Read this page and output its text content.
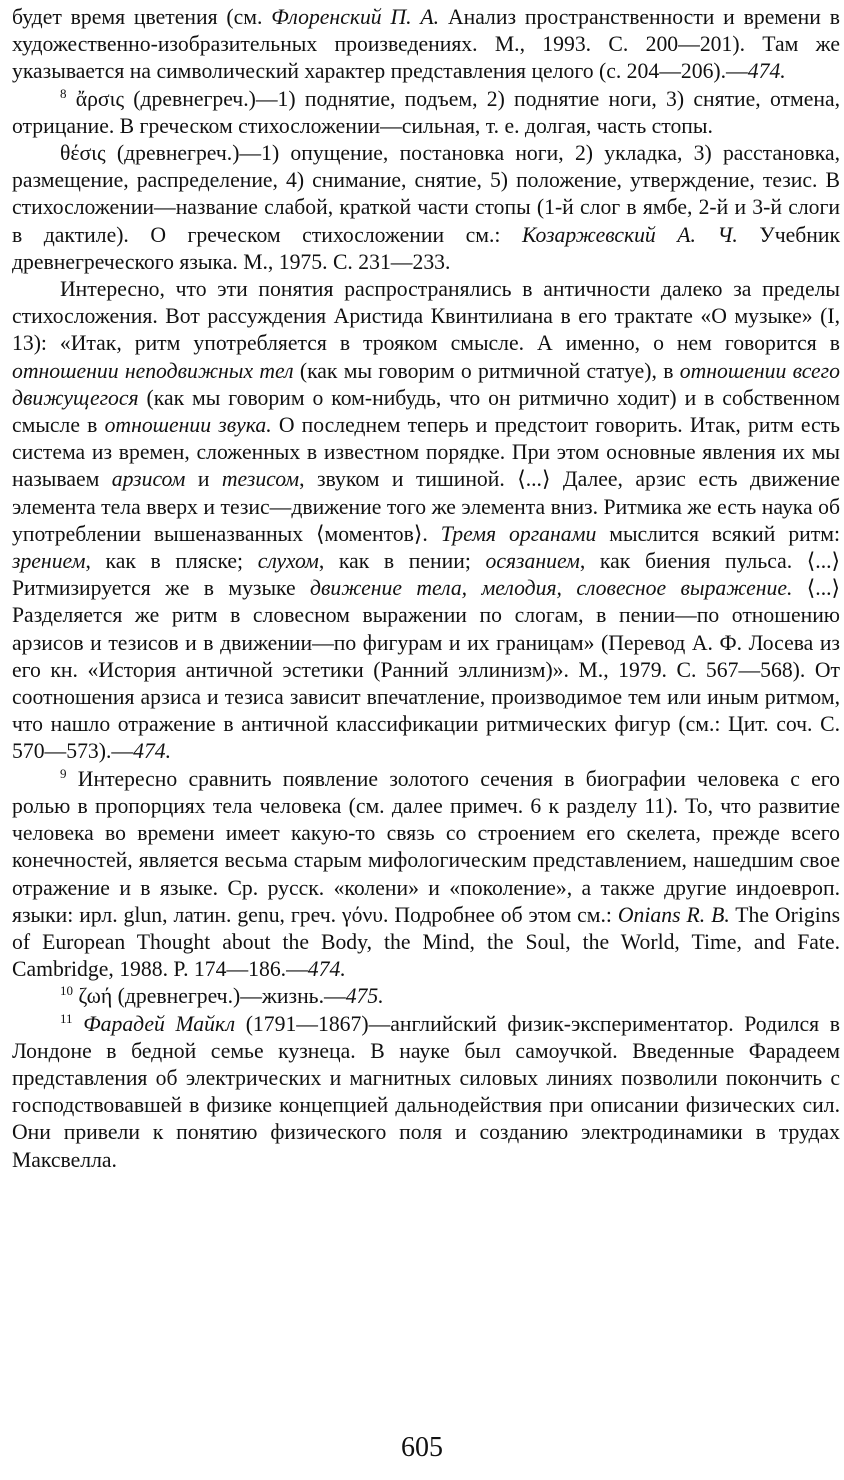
будет время цветения (см. Флоренский П. А. Анализ пространственности и времени в художественно-изобразительных произведениях. М., 1993. С. 200—201). Там же указывается на символический характер представления целого (с. 204—206).—474.

$^8$ ἄρσις (древнегреч.)—1) поднятие, подъем, 2) поднятие ноги, 3) снятие, отмена, отрицание. В греческом стихосложении—сильная, т. е. долгая, часть стопы.

θέσις (древнегреч.)—1) опущение, постановка ноги, 2) укладка, 3) расстановка, размещение, распределение, 4) снимание, снятие, 5) положение, утверждение, тезис. В стихосложении—название слабой, краткой части стопы (1-й слог в ямбе, 2-й и 3-й слоги в дактиле). О греческом стихосложении см.: Козаржевский А. Ч. Учебник древнегреческого языка. М., 1975. С. 231—233.

Интересно, что эти понятия распространялись в античности далеко за пределы стихосложения. Вот рассуждения Аристида Квинтилиана в его трактате «О музыке» (I, 13): «Итак, ритм употребляется в трояком смысле. А именно, о нем говорится в отношении неподвижных тел (как мы говорим о ритмичной статуе), в отношении всего движущегося (как мы говорим о ком-нибудь, что он ритмично ходит) и в собственном смысле в отношении звука. О последнем теперь и предстоит говорить. Итак, ритм есть система из времен, сложенных в известном порядке. При этом основные явления их мы называем арзисом и тезисом, звуком и тишиной. ⟨...⟩ Далее, арзис есть движение элемента тела вверх и тезис—движение того же элемента вниз. Ритмика же есть наука об употреблении вышеназванных ⟨моментов⟩. Тремя органами мыслится всякий ритм: зрением, как в пляске; слухом, как в пении; осязанием, как биения пульса. ⟨...⟩ Ритмизируется же в музыке движение тела, мелодия, словесное выражение. ⟨...⟩ Разделяется же ритм в словесном выражении по слогам, в пении—по отношению арзисов и тезисов и в движении—по фигурам и их границам» (Перевод А. Ф. Лосева из его кн. «История античной эстетики (Ранний эллинизм)». М., 1979. С. 567—568). От соотношения арзиса и тезиса зависит впечатление, производимое тем или иным ритмом, что нашло отражение в античной классификации ритмических фигур (см.: Цит. соч. С. 570—573).—474.

$^9$ Интересно сравнить появление золотого сечения в биографии человека с его ролью в пропорциях тела человека (см. далее примеч. 6 к разделу 11). То, что развитие человека во времени имеет какую-то связь со строением его скелета, прежде всего конечностей, является весьма старым мифологическим представлением, нашедшим свое отражение и в языке. Ср. русск. «колени» и «поколение», а также другие индоевроп. языки: ирл. glun, латин. genu, греч. γόνυ. Подробнее об этом см.: Onians R. B. The Origins of European Thought about the Body, the Mind, the Soul, the World, Time, and Fate. Cambridge, 1988. P. 174—186.—474.

$^{10}$ ζωή (древнегреч.)—жизнь.—475.

$^{11}$ Фарадей Майкл (1791—1867)—английский физик-экспериментатор. Родился в Лондоне в бедной семье кузнеца. В науке был самоучкой. Введенные Фарадеем представления об электрических и магнитных силовых линиях позволили покончить с господствовавшей в физике концепцией дальнодействия при описании физических сил. Они привели к понятию физического поля и созданию электродинамики в трудах Максвелла.

605
